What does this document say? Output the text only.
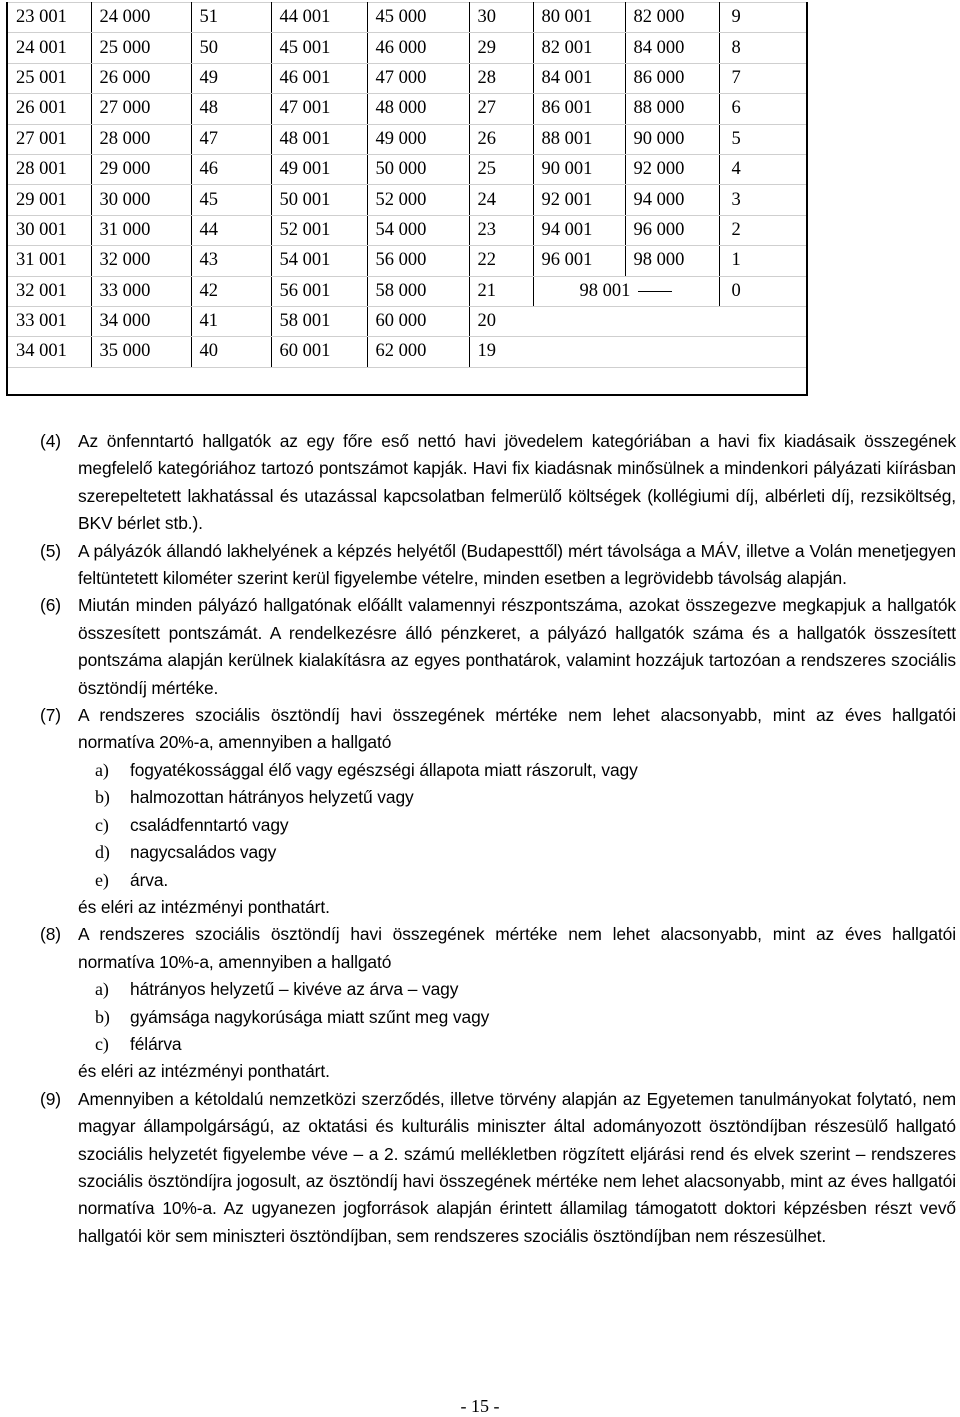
23 001	24 000	51	44 001	45 000	30	80 001	82 000	9
24 001	25 000	50	45 001	46 000	29	82 001	84 000	8
25 001	26 000	49	46 001	47 000	28	84 001	86 000	7
26 001	27 000	48	47 001	48 000	27	86 001	88 000	6
27 001	28 000	47	48 001	49 000	26	88 001	90 000	5
28 001	29 000	46	49 001	50 000	25	90 001	92 000	4
29 001	30 000	45	50 001	52 000	24	92 001	94 000	3
30 001	31 000	44	52 001	54 000	23	94 001	96 000	2
31 001	32 000	43	54 001	56 000	22	96 001	98 000	1
32 001	33 000	42	56 001	58 000	21	98 001		0
33 001	34 000	41	58 001	60 000	20			
34 001	35 000	40	60 001	62 000	19			

(4) Az önfenntartó hallgatók az egy főre eső nettó havi jövedelem kategóriában a havi fix kiadásaik összegének megfelelő kategóriához tartozó pontszámot kapják. Havi fix kiadásnak minősülnek a mindenkori pályázati kiírásban szerepeltetett lakhatással és utazással kapcsolatban felmerülő költségek (kollégiumi díj, albérleti díj, rezsiköltség, BKV bérlet stb.).
(5) A pályázók állandó lakhelyének a képzés helyétől (Budapesttől) mért távolsága a MÁV, illetve a Volán menetjegyen feltüntetett kilométer szerint kerül figyelembe vételre, minden esetben a legrövidebb távolság alapján.
(6) Miután minden pályázó hallgatónak előállt valamennyi részpontszáma, azokat összegezve megkapjuk a hallgatók összesített pontszámát. A rendelkezésre álló pénzkeret, a pályázó hallgatók száma és a hallgatók összesített pontszáma alapján kerülnek kialakításra az egyes ponthatárok, valamint hozzájuk tartozóan a rendszeres szociális ösztöndíj mértéke.
(7) A rendszeres szociális ösztöndíj havi összegének mértéke nem lehet alacsonyabb, mint az éves hallgatói normatíva 20%-a, amennyiben a hallgató
a) fogyatékossággal élő vagy egészségi állapota miatt rászorult, vagy
b) halmozottan hátrányos helyzetű vagy
c) családfenntartó vagy
d) nagycsaládos vagy
e) árva.
és eléri az intézményi ponthatárt.
(8) A rendszeres szociális ösztöndíj havi összegének mértéke nem lehet alacsonyabb, mint az éves hallgatói normatíva 10%-a, amennyiben a hallgató
a) hátrányos helyzetű – kivéve az árva – vagy
b) gyámsága nagykorúsága miatt szűnt meg vagy
c) félárva
és eléri az intézményi ponthatárt.
(9) Amennyiben a kétoldalú nemzetközi szerződés, illetve törvény alapján az Egyetemen tanulmányokat folytató, nem magyar állampolgárságú, az oktatási és kulturális miniszter által adományozott ösztöndíjban részesülő hallgató szociális helyzetét figyelembe véve – a 2. számú mellékletben rögzített eljárási rend és elvek szerint – rendszeres szociális ösztöndíjra jogosult, az ösztöndíj havi összegének mértéke nem lehet alacsonyabb, mint az éves hallgatói normatíva 10%-a. Az ugyanezen jogforrások alapján érintett államilag támogatott doktori képzésben részt vevő hallgatói kör sem miniszteri ösztöndíjban, sem rendszeres szociális ösztöndíjban nem részesülhet.
- 15 -
